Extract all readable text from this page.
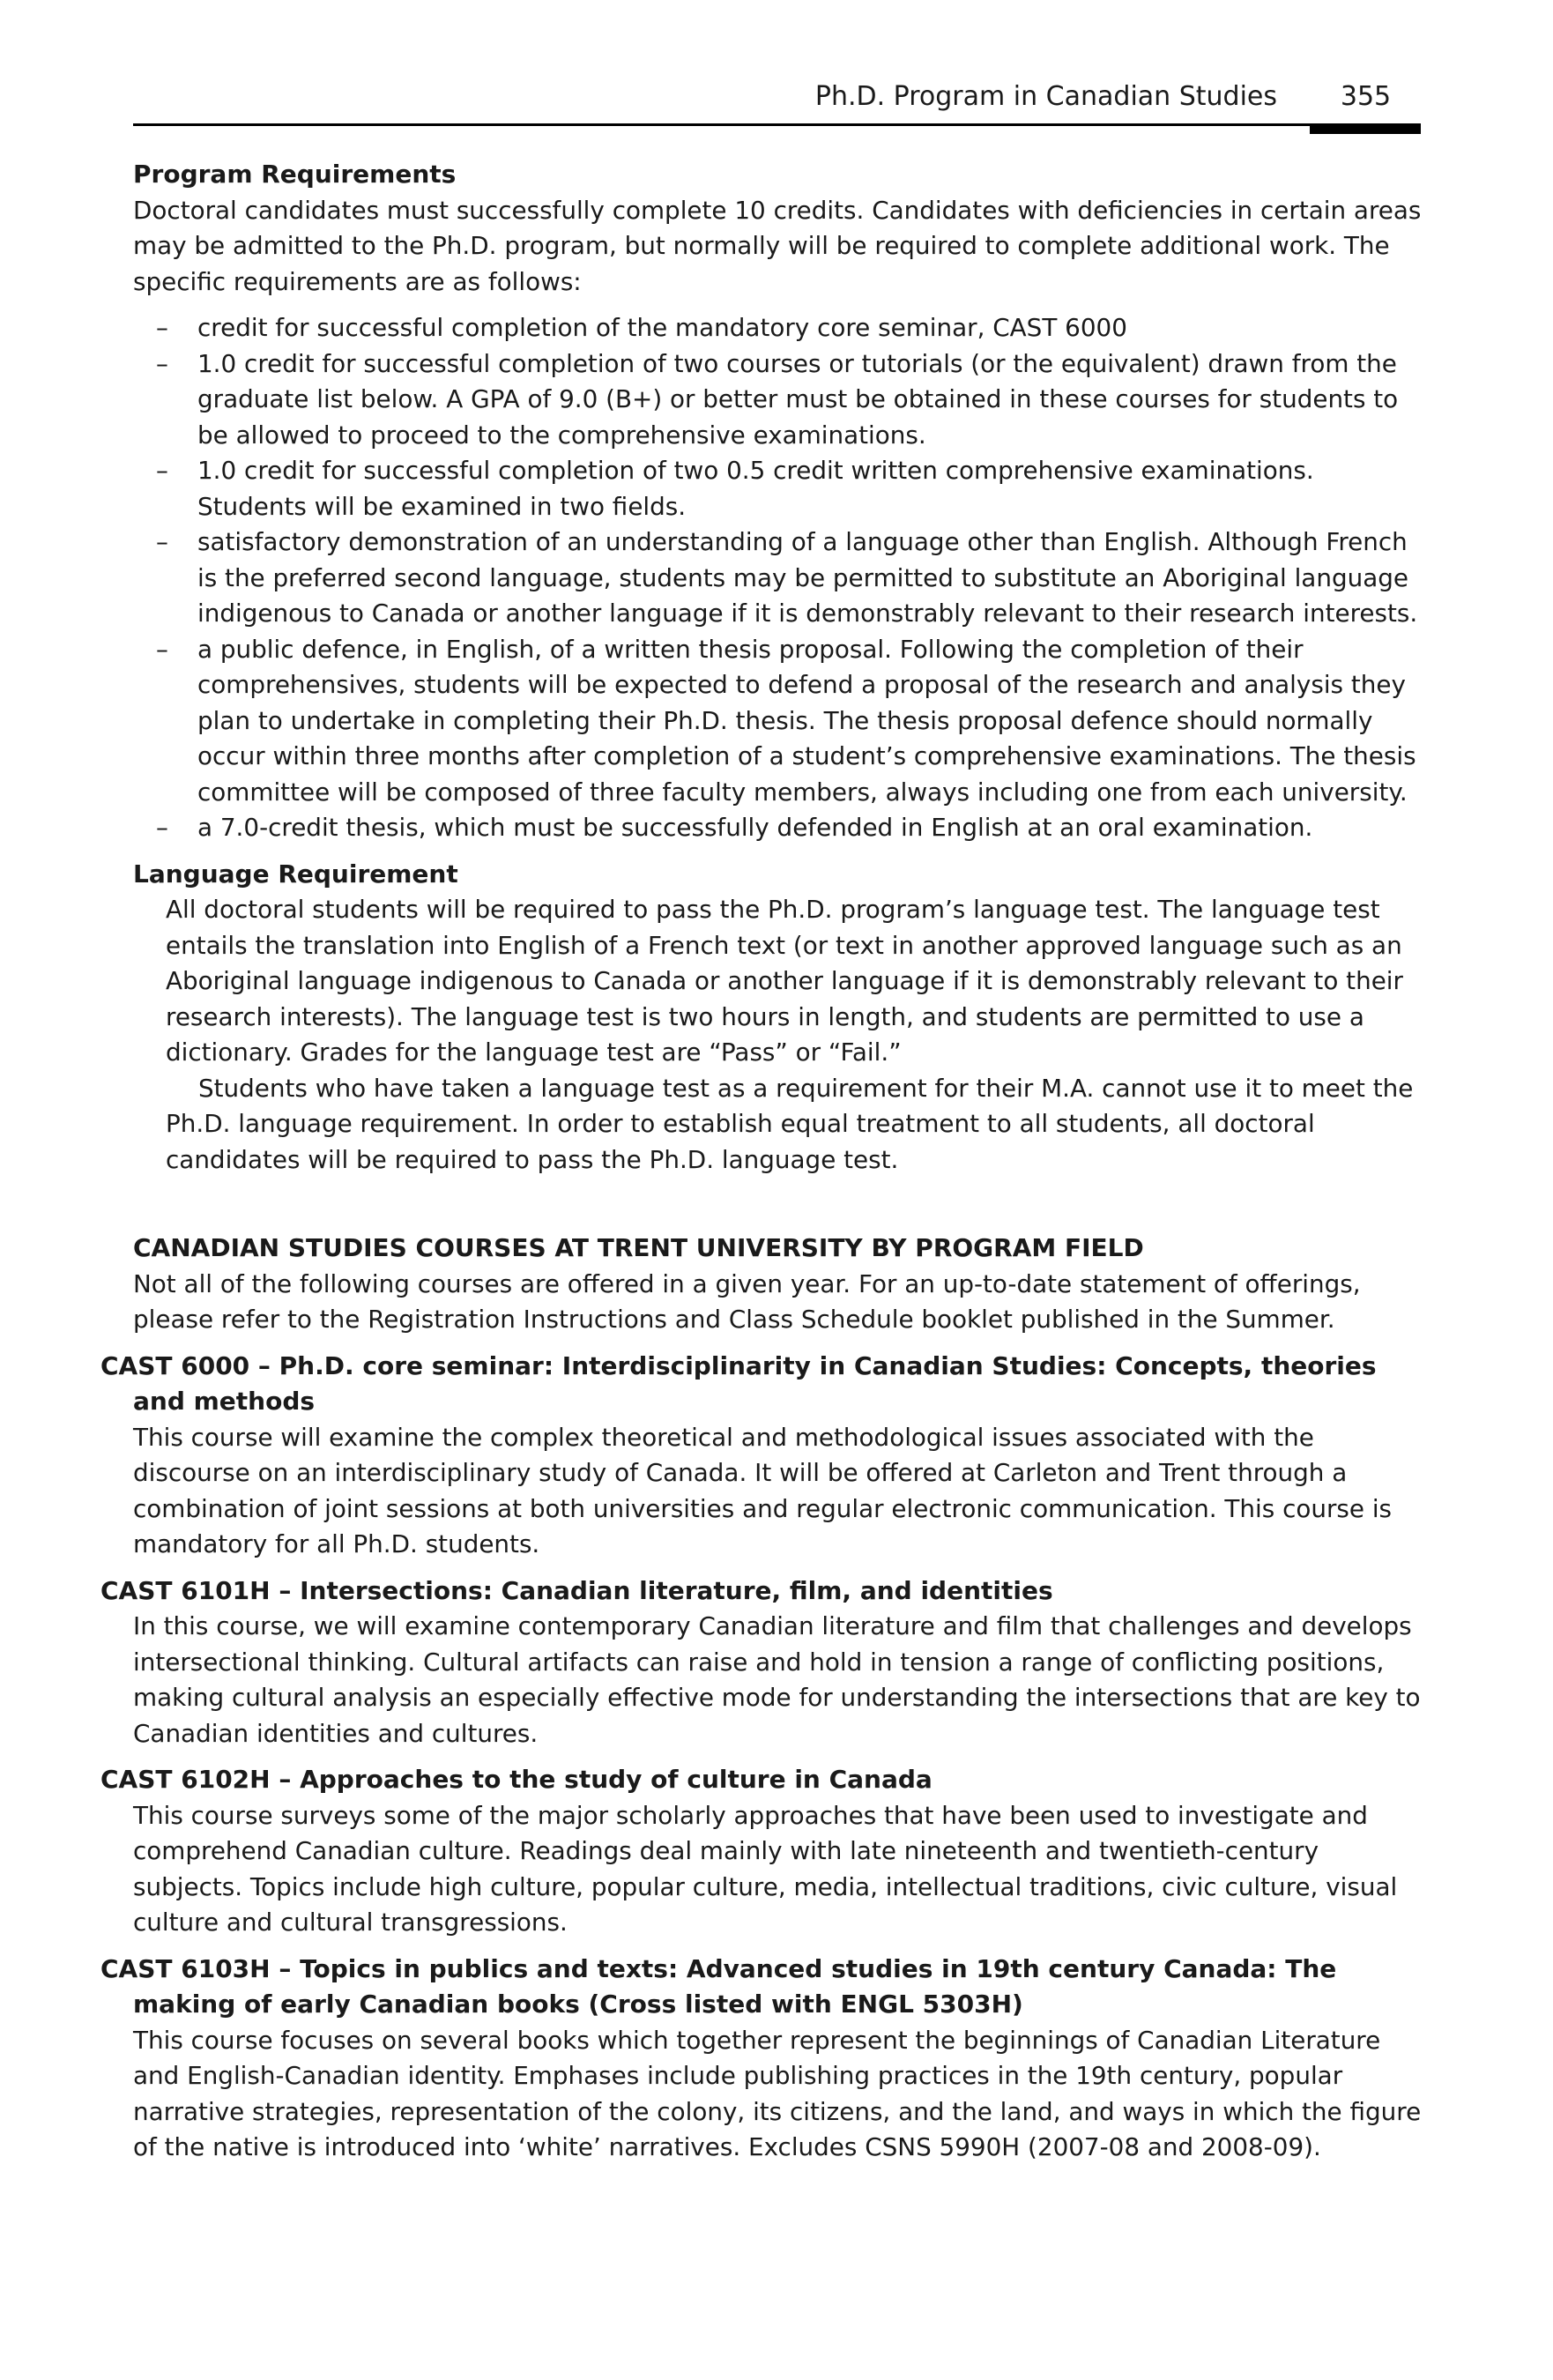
Ph.D. Program in Canadian Studies	355
Program Requirements

Doctoral candidates must successfully complete 10 credits. Candidates with deficiencies in certain areas may be admitted to the Ph.D. program, but normally will be required to complete additional work. The specific requirements are as follows:

– credit for successful completion of the mandatory core seminar, CAST 6000
– 1.0 credit for successful completion of two courses or tutorials (or the equivalent) drawn from the graduate list below. A GPA of 9.0 (B+) or better must be obtained in these courses for students to be allowed to proceed to the comprehensive examinations.
– 1.0 credit for successful completion of two 0.5 credit written comprehensive examinations. Students will be examined in two fields.
– satisfactory demonstration of an understanding of a language other than English. Although French is the preferred second language, students may be permitted to substitute an Aboriginal language indigenous to Canada or another language if it is demonstrably relevant to their research interests.
– a public defence, in English, of a written thesis proposal. Following the completion of their comprehensives, students will be expected to defend a proposal of the research and analysis they plan to undertake in completing their Ph.D. thesis. The thesis proposal defence should normally occur within three months after completion of a student’s comprehensive examinations. The thesis committee will be composed of three faculty members, always including one from each university.
– a 7.0-credit thesis, which must be successfully defended in English at an oral examination.
Language Requirement

All doctoral students will be required to pass the Ph.D. program’s language test. The language test entails the translation into English of a French text (or text in another approved language such as an Aboriginal language indigenous to Canada or another language if it is demonstrably relevant to their research interests). The language test is two hours in length, and students are permitted to use a dictionary. Grades for the language test are “Pass” or “Fail.”

Students who have taken a language test as a requirement for their M.A. cannot use it to meet the Ph.D. language requirement. In order to establish equal treatment to all students, all doctoral candidates will be required to pass the Ph.D. language test.

CANADIAN STUDIES COURSES AT TRENT UNIVERSITY BY PROGRAM FIELD

Not all of the following courses are offered in a given year. For an up-to-date statement of offerings, please refer to the Registration Instructions and Class Schedule booklet published in the Summer.

CAST 6000 – Ph.D. core seminar: Interdisciplinarity in Canadian Studies: Concepts, theories and methods

This course will examine the complex theoretical and methodological issues associated with the discourse on an interdisciplinary study of Canada. It will be offered at Carleton and Trent through a combination of joint sessions at both universities and regular electronic communication. This course is mandatory for all Ph.D. students.

CAST 6101H – Intersections: Canadian literature, film, and identities

In this course, we will examine contemporary Canadian literature and film that challenges and develops intersectional thinking. Cultural artifacts can raise and hold in tension a range of conflicting positions, making cultural analysis an especially effective mode for understanding the intersections that are key to Canadian identities and cultures.

CAST 6102H – Approaches to the study of culture in Canada

This course surveys some of the major scholarly approaches that have been used to investigate and comprehend Canadian culture. Readings deal mainly with late nineteenth and twentieth-century subjects. Topics include high culture, popular culture, media, intellectual traditions, civic culture, visual culture and cultural transgressions.

CAST 6103H – Topics in publics and texts: Advanced studies in 19th century Canada: The making of early Canadian books (Cross listed with ENGL 5303H)

This course focuses on several books which together represent the beginnings of Canadian Literature and English-Canadian identity. Emphases include publishing practices in the 19th century, popular narrative strategies, representation of the colony, its citizens, and the land, and ways in which the figure of the native is introduced into ‘white’ narratives. Excludes CSNS 5990H (2007-08 and 2008-09).
